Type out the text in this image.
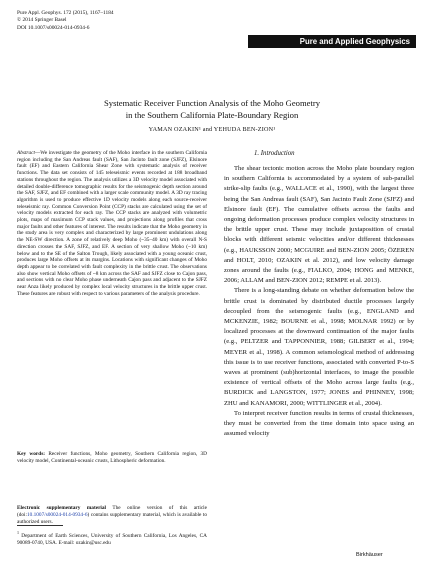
Pure Appl. Geophys. 172 (2015), 1167–1184
© 2014 Springer Basel
DOI 10.1007/s00024-014-0934-6
Pure and Applied Geophysics
Systematic Receiver Function Analysis of the Moho Geometry
in the Southern California Plate-Boundary Region
YAMAN OZAKIN¹ and YEHUDA BEN-ZION¹
Abstract—We investigate the geometry of the Moho interface in the southern California region including the San Andreas fault (SAF), San Jacinto fault zone (SJFZ), Elsinore fault (EF) and Eastern California Shear Zone with systematic analysis of receiver functions. The data set consists of 145 teleseismic events recorded at 188 broadband stations throughout the region. The analysis utilizes a 3D velocity model associated with detailed double-difference tomographic results for the seismogenic depth section around the SAF, SJFZ, and EF combined with a larger scale community model. A 3D ray tracing algorithm is used to produce effective 1D velocity models along each source-receiver teleseismic ray. Common Conversion Point (CCP) stacks are calculated using the set of velocity models extracted for each ray. The CCP stacks are analyzed with volumetric plots, maps of maximum CCP stack values, and projections along profiles that cross major faults and other features of interest. The results indicate that the Moho geometry in the study area is very complex and characterized by large prominent undulations along the NE-SW direction. A zone of relatively deep Moho (~35–40 km) with overall N-S direction crosses the SAF, SJFZ, and EF. A section of very shallow Moho (~10 km) below and to the SE of the Salton Trough, likely associated with a young oceanic crust, produces large Moho offsets at its margins. Locations with significant changes of Moho depth appear to be correlated with fault complexity in the brittle crust. The observations also show vertical Moho offsets of ~8 km across the SAF and SJFZ close to Cajon pass, and sections with no clear Moho phase underneath Cajon pass and adjacent to the SJFZ near Anza likely produced by complex local velocity structures in the brittle upper crust. These features are robust with respect to various parameters of the analysis procedure.
Key words: Receiver functions, Moho geometry, Southern California region, 3D velocity model, Continental-oceanic crusts, Lithospheric deformation.
Electronic supplementary material The online version of this article (doi:10.1007/s00024-014-0934-6) contains supplementary material, which is available to authorized users.
$^1$ Department of Earth Sciences, University of Southern California, Los Angeles, CA 90089-0740, USA. E-mail: ozakin@usc.edu
1. Introduction

The shear tectonic motion across the Moho plate boundary region in southern California is accommodated by a system of sub-parallel strike-slip faults (e.g., WALLACE et al., 1990), with the largest three being the San Andreas fault (SAF), San Jacinto Fault Zone (SJFZ) and Elsinore fault (EF). The cumulative offsets across the faults and ongoing deformation processes produce complex velocity structures in the brittle upper crust. These may include juxtaposition of crustal blocks with different seismic velocities and/or different thicknesses (e.g., HAUKSSON 2000; MCGUIRE and BEN-ZION 2005; ÖZEREN and HOLT, 2010; OZAKIN et al. 2012), and low velocity damage zones around the faults (e.g., FIALKO, 2004; HONG and MENKE, 2006; ALLAM and BEN-ZION 2012; REMPE et al. 2013).

There is a long-standing debate on whether deformation below the brittle crust is dominated by distributed ductile processes largely decoupled from the seismogenic faults (e.g., ENGLAND and MCKENZIE, 1982; BOURNE et al., 1998; MOLNAR 1992) or by localized processes at the downward continuation of the major faults (e.g., PELTZER and TAPPONNIER, 1988; GILBERT et al., 1994; MEYER et al., 1998). A common seismological method of addressing this issue is to use receiver functions, associated with converted P-to-S waves at prominent (sub)horizontal interfaces, to image the possible existence of vertical offsets of the Moho across large faults (e.g., BURDICK and LANGSTON, 1977; JONES and PHINNEY, 1998; ZHU and KANAMORI, 2000; WITTLINGER et al., 2004).

To interpret receiver function results in terms of crustal thicknesses, they must be converted from the time domain into space using an assumed velocity

Birkhäuser
